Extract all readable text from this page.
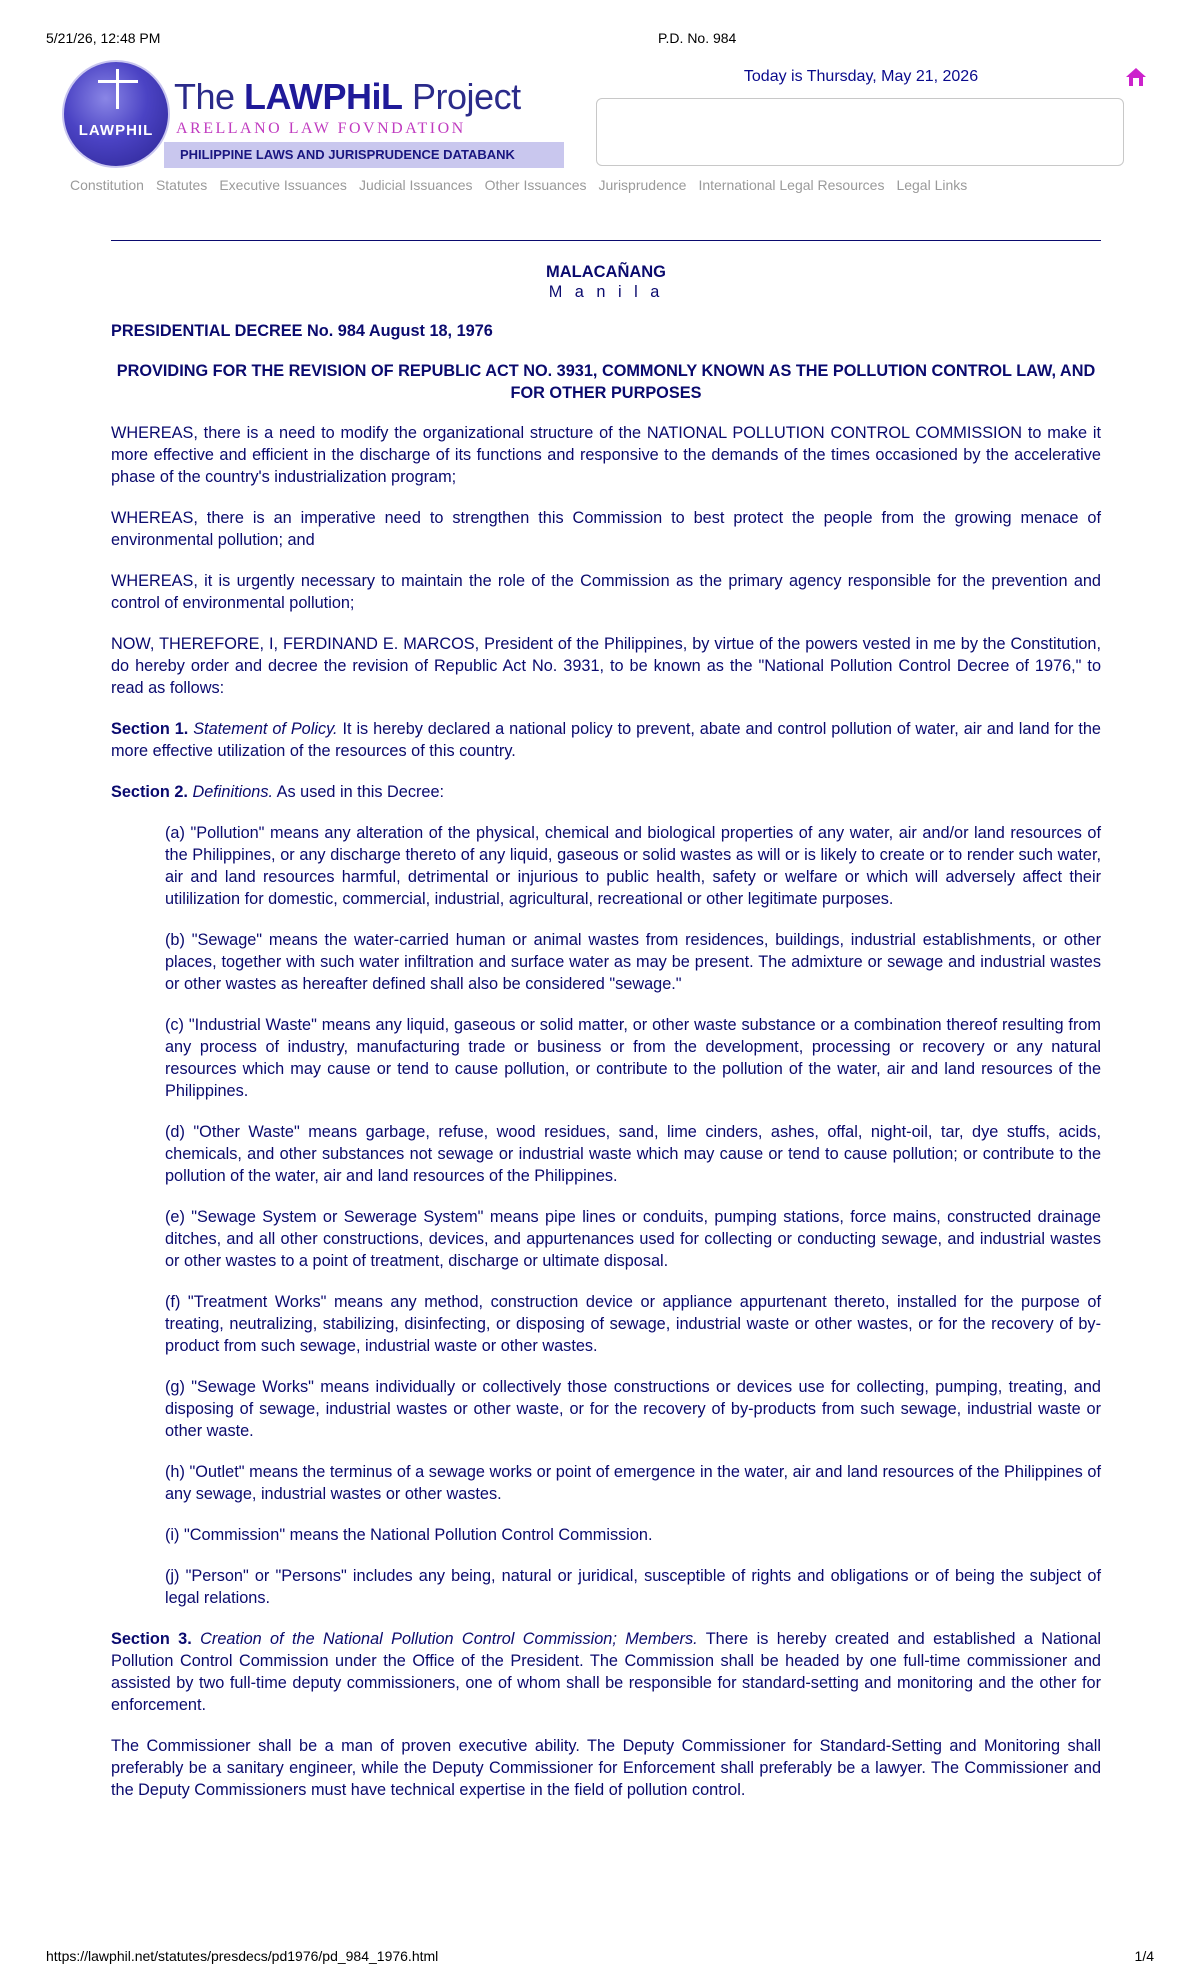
5/21/26, 12:48 PM	P.D. No. 984
LAWPHIL
The LAWPHiL Project
ARELLANO LAW FOVNDATION
PHILIPPINE LAWS AND JURISPRUDENCE DATABANK
Today is Thursday, May 21, 2026
Constitution Statutes Executive Issuances Judicial Issuances Other Issuances Jurisprudence International Legal Resources Legal Links
MALACAÑANG
M a n i l a
PRESIDENTIAL DECREE No. 984 August 18, 1976
PROVIDING FOR THE REVISION OF REPUBLIC ACT NO. 3931, COMMONLY KNOWN AS THE POLLUTION CONTROL LAW, AND FOR OTHER PURPOSES

WHEREAS, there is a need to modify the organizational structure of the NATIONAL POLLUTION CONTROL COMMISSION to make it more effective and efficient in the discharge of its functions and responsive to the demands of the times occasioned by the accelerative phase of the country's industrialization program;

WHEREAS, there is an imperative need to strengthen this Commission to best protect the people from the growing menace of environmental pollution; and

WHEREAS, it is urgently necessary to maintain the role of the Commission as the primary agency responsible for the prevention and control of environmental pollution;

NOW, THEREFORE, I, FERDINAND E. MARCOS, President of the Philippines, by virtue of the powers vested in me by the Constitution, do hereby order and decree the revision of Republic Act No. 3931, to be known as the "National Pollution Control Decree of 1976," to read as follows:

Section 1. Statement of Policy. It is hereby declared a national policy to prevent, abate and control pollution of water, air and land for the more effective utilization of the resources of this country.

Section 2. Definitions. As used in this Decree:

(a) "Pollution" means any alteration of the physical, chemical and biological properties of any water, air and/or land resources of the Philippines, or any discharge thereto of any liquid, gaseous or solid wastes as will or is likely to create or to render such water, air and land resources harmful, detrimental or injurious to public health, safety or welfare or which will adversely affect their utililization for domestic, commercial, industrial, agricultural, recreational or other legitimate purposes.

(b) "Sewage" means the water-carried human or animal wastes from residences, buildings, industrial establishments, or other places, together with such water infiltration and surface water as may be present. The admixture or sewage and industrial wastes or other wastes as hereafter defined shall also be considered "sewage."

(c) "Industrial Waste" means any liquid, gaseous or solid matter, or other waste substance or a combination thereof resulting from any process of industry, manufacturing trade or business or from the development, processing or recovery or any natural resources which may cause or tend to cause pollution, or contribute to the pollution of the water, air and land resources of the Philippines.

(d) "Other Waste" means garbage, refuse, wood residues, sand, lime cinders, ashes, offal, night-oil, tar, dye stuffs, acids, chemicals, and other substances not sewage or industrial waste which may cause or tend to cause pollution; or contribute to the pollution of the water, air and land resources of the Philippines.

(e) "Sewage System or Sewerage System" means pipe lines or conduits, pumping stations, force mains, constructed drainage ditches, and all other constructions, devices, and appurtenances used for collecting or conducting sewage, and industrial wastes or other wastes to a point of treatment, discharge or ultimate disposal.

(f) "Treatment Works" means any method, construction device or appliance appurtenant thereto, installed for the purpose of treating, neutralizing, stabilizing, disinfecting, or disposing of sewage, industrial waste or other wastes, or for the recovery of by-product from such sewage, industrial waste or other wastes.

(g) "Sewage Works" means individually or collectively those constructions or devices use for collecting, pumping, treating, and disposing of sewage, industrial wastes or other waste, or for the recovery of by-products from such sewage, industrial waste or other waste.

(h) "Outlet" means the terminus of a sewage works or point of emergence in the water, air and land resources of the Philippines of any sewage, industrial wastes or other wastes.

(i) "Commission" means the National Pollution Control Commission.

(j) "Person" or "Persons" includes any being, natural or juridical, susceptible of rights and obligations or of being the subject of legal relations.

Section 3. Creation of the National Pollution Control Commission; Members. There is hereby created and established a National Pollution Control Commission under the Office of the President. The Commission shall be headed by one full-time commissioner and assisted by two full-time deputy commissioners, one of whom shall be responsible for standard-setting and monitoring and the other for enforcement.

The Commissioner shall be a man of proven executive ability. The Deputy Commissioner for Standard-Setting and Monitoring shall preferably be a sanitary engineer, while the Deputy Commissioner for Enforcement shall preferably be a lawyer. The Commissioner and the Deputy Commissioners must have technical expertise in the field of pollution control.

https://lawphil.net/statutes/presdecs/pd1976/pd_984_1976.html	1/4
